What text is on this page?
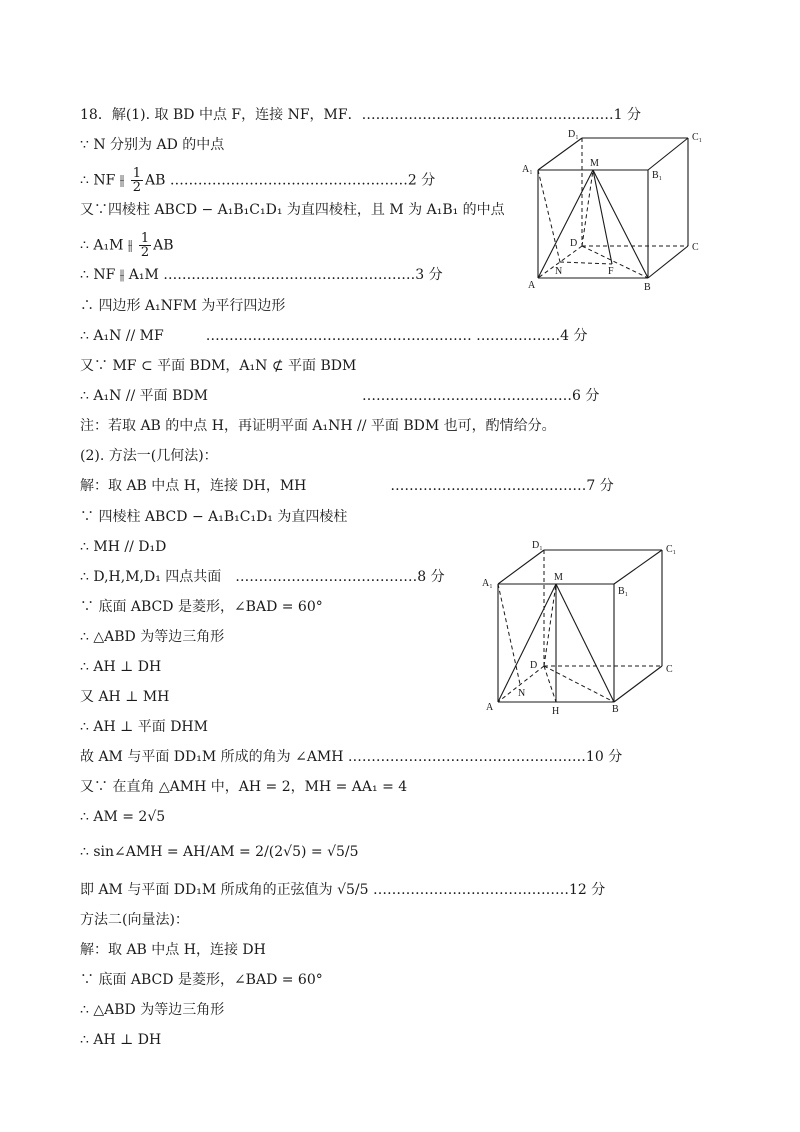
18．解(1). 取 BD 中点 F，连接 NF，MF．………………………………………………1 分
∵ N 分别为 AD 的中点
∴ NF ⫲ $\frac{1}{2}$ AB ……………………………………………2 分
又∵四棱柱 ABCD − A₁B₁C₁D₁ 为直四棱柱，且 M 为 A₁B₁ 的中点
∴ A₁M ⫲ $\frac{1}{2}$ AB
∴ NF ⫲ A₁M ………………………………………………3 分
∴ 四边形 A₁NFM 为平行四边形
∴ A₁N // MF　　　………………………………………………… ………………4 分
又∵ MF ⊂ 平面 BDM，A₁N ⊄ 平面 BDM
∴ A₁N // 平面 BDM　　　　　　　　　　　………………………………………6 分
注：若取 AB 的中点 H，再证明平面 A₁NH // 平面 BDM 也可，酌情给分。
(2). 方法一(几何法)：
解：取 AB 中点 H，连接 DH，MH　　　　　　……………………………………7 分
∵ 四棱柱 ABCD − A₁B₁C₁D₁ 为直四棱柱
∴ MH // D₁D
∴ D,H,M,D₁ 四点共面　…………………………………8 分
∵ 底面 ABCD 是菱形，∠BAD = 60°
∴ △ABD 为等边三角形
∴ AH ⊥ DH
又 AH ⊥ MH
∴ AH ⊥ 平面 DHM
故 AM 与平面 DD₁M 所成的角为 ∠AMH ……………………………………………10 分
又∵ 在直角 △AMH 中，AH = 2，MH = AA₁ = 4
∴ AM = 2√5
∴ sin∠AMH = AH/AM = 2/(2√5) = √5/5
即 AM 与平面 DD₁M 所成角的正弦值为 √5/5 ……………………………………12 分
方法二(向量法)：
解：取 AB 中点 H，连接 DH
∵ 底面 ABCD 是菱形，∠BAD = 60°
∴ △ABD 为等边三角形
∴ AH ⊥ DH
D₁	C₁
A₁
B₁
M
D	C
N	F
A	B
D₁	C₁
A₁
B₁
M
D	C
N
A	H	B
